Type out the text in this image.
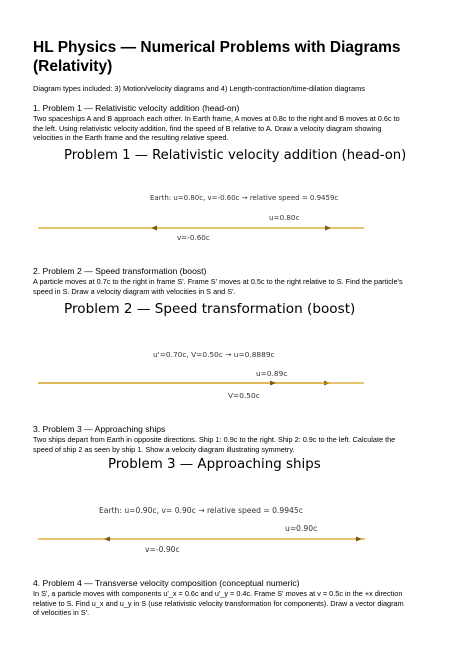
HL Physics — Numerical Problems with Diagrams
(Relativity)
Diagram types included: 3) Motion/velocity diagrams and 4) Length-contraction/time-dilation diagrams
1. Problem 1 — Relativistic velocity addition (head-on)
Two spaceships A and B approach each other. In Earth frame, A moves at 0.8c to the right and B moves at 0.6c to
the left. Using relativistic velocity addition, find the speed of B relative to A. Draw a velocity diagram showing
velocities in the Earth frame and the resulting relative speed.
Problem 1 — Relativistic velocity addition (head-on)
Earth: u=0.80c, v=-0.60c → relative speed = 0.9459c
u=0.80c
v=-0.60c
2. Problem 2 — Speed transformation (boost)
A particle moves at 0.7c to the right in frame S'. Frame S' moves at 0.5c to the right relative to S. Find the particle's
speed in S. Draw a velocity diagram with velocities in S and S'.
Problem 2 — Speed transformation (boost)
u'=0.70c, V=0.50c → u=0.8889c
u=0.89c
V=0.50c
3. Problem 3 — Approaching ships
Two ships depart from Earth in opposite directions. Ship 1: 0.9c to the right. Ship 2: 0.9c to the left. Calculate the
speed of ship 2 as seen by ship 1. Show a velocity diagram illustrating symmetry.
Problem 3 — Approaching ships
Earth: u=0.90c, v= 0.90c → relative speed = 0.9945c
u=0.90c
v=-0.90c
4. Problem 4 — Transverse velocity composition (conceptual numeric)
In S', a particle moves with components u'_x = 0.6c and u'_y = 0.4c. Frame S' moves at v = 0.5c in the +x direction
relative to S. Find u_x and u_y in S (use relativistic velocity transformation for components). Draw a vector diagram
of velocities in S'.
